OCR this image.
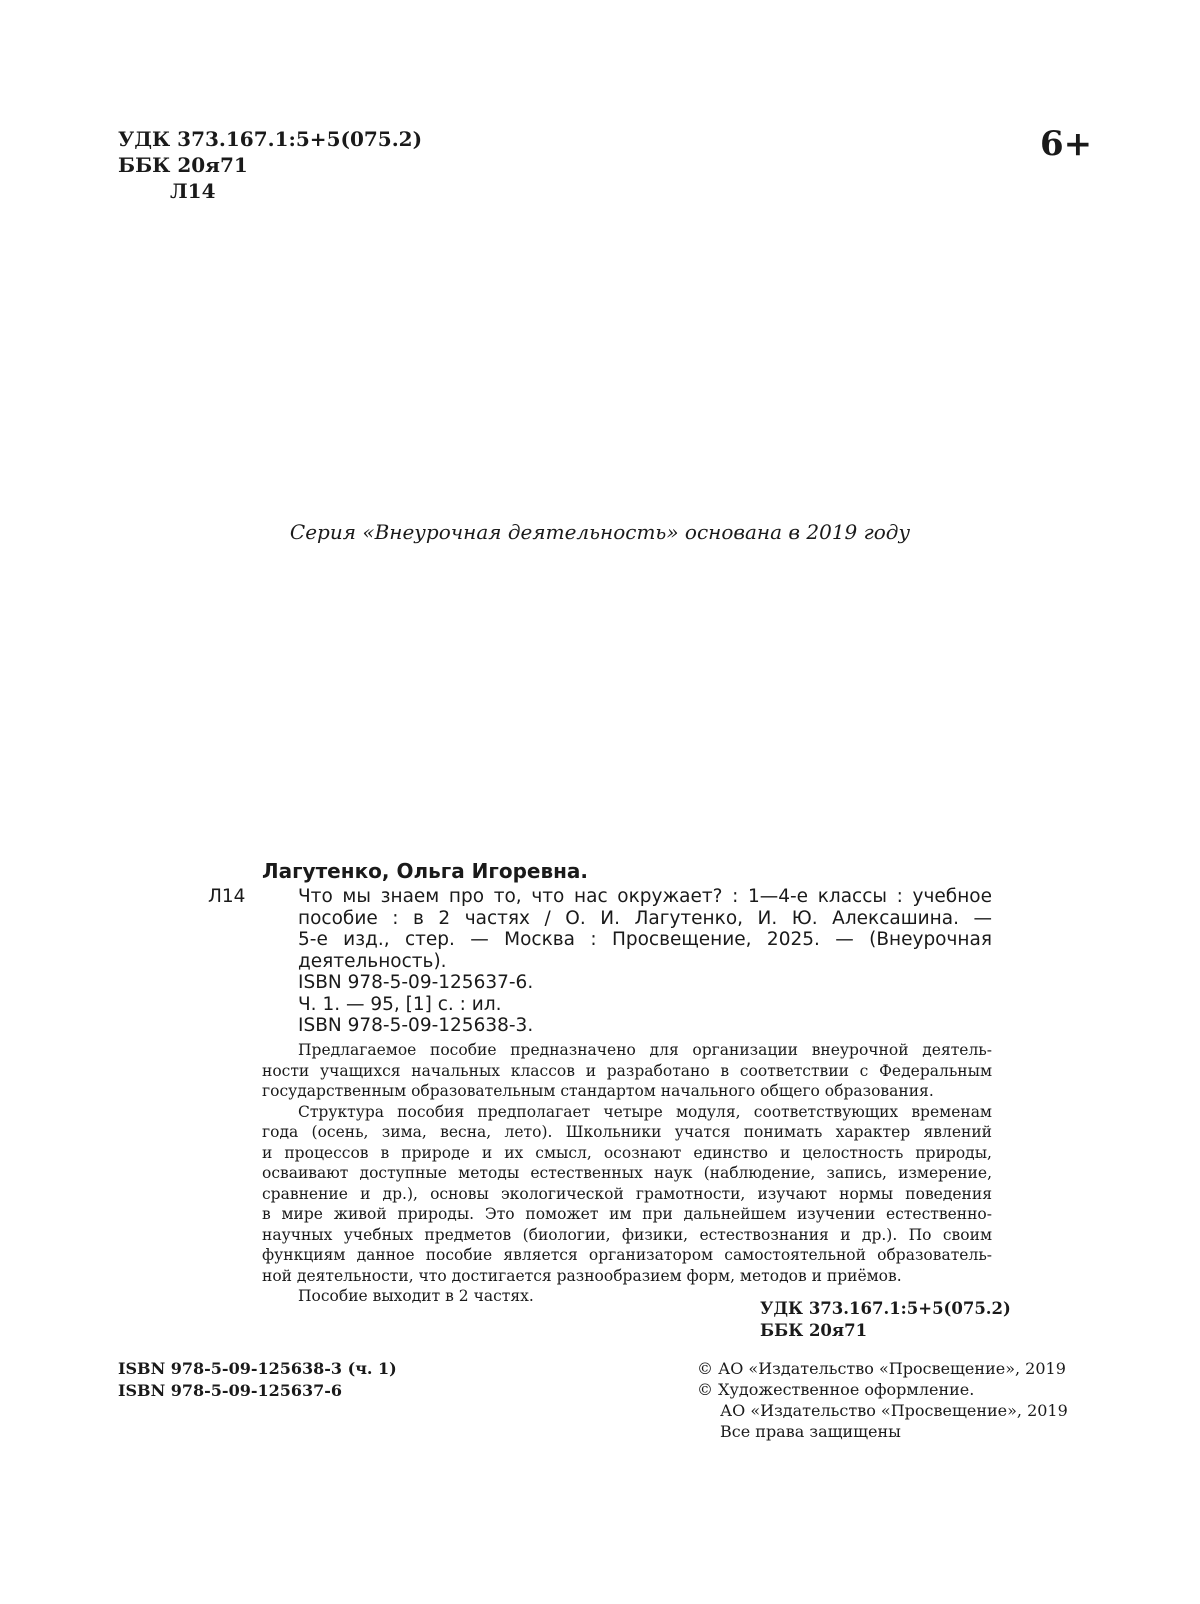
УДК 373.167.1:5+5(075.2)
ББК 20я71
Л14
6+
Серия «Внеурочная деятельность» основана в 2019 году
Лагутенко, Ольга Игоревна.
Л14	Что мы знаем про то, что нас окружает? : 1—4-е классы : учебное
пособие : в 2 частях / О. И. Лагутенко, И. Ю. Алексашина. —
5-е изд., стер. — Москва : Просвещение, 2025. — (Внеурочная
деятельность).
ISBN 978-5-09-125637-6.
Ч. 1. — 95, [1] с. : ил.
ISBN 978-5-09-125638-3.
Предлагаемое пособие предназначено для организации внеурочной деятель-
ности учащихся начальных классов и разработано в соответствии с Федеральным
государственным образовательным стандартом начального общего образования.
Структура пособия предполагает четыре модуля, соответствующих временам
года (осень, зима, весна, лето). Школьники учатся понимать характер явлений
и процессов в природе и их смысл, осознают единство и целостность природы,
осваивают доступные методы естественных наук (наблюдение, запись, измерение,
сравнение и др.), основы экологической грамотности, изучают нормы поведения
в мире живой природы. Это поможет им при дальнейшем изучении естественно-
научных учебных предметов (биологии, физики, естествознания и др.). По своим
функциям данное пособие является организатором самостоятельной образователь-
ной деятельности, что достигается разнообразием форм, методов и приёмов.
Пособие выходит в 2 частях.
УДК 373.167.1:5+5(075.2)
ББК 20я71
ISBN 978-5-09-125638-3 (ч. 1)
ISBN 978-5-09-125637-6
© АО «Издательство «Просвещение», 2019
© Художественное оформление.
АО «Издательство «Просвещение», 2019
Все права защищены
